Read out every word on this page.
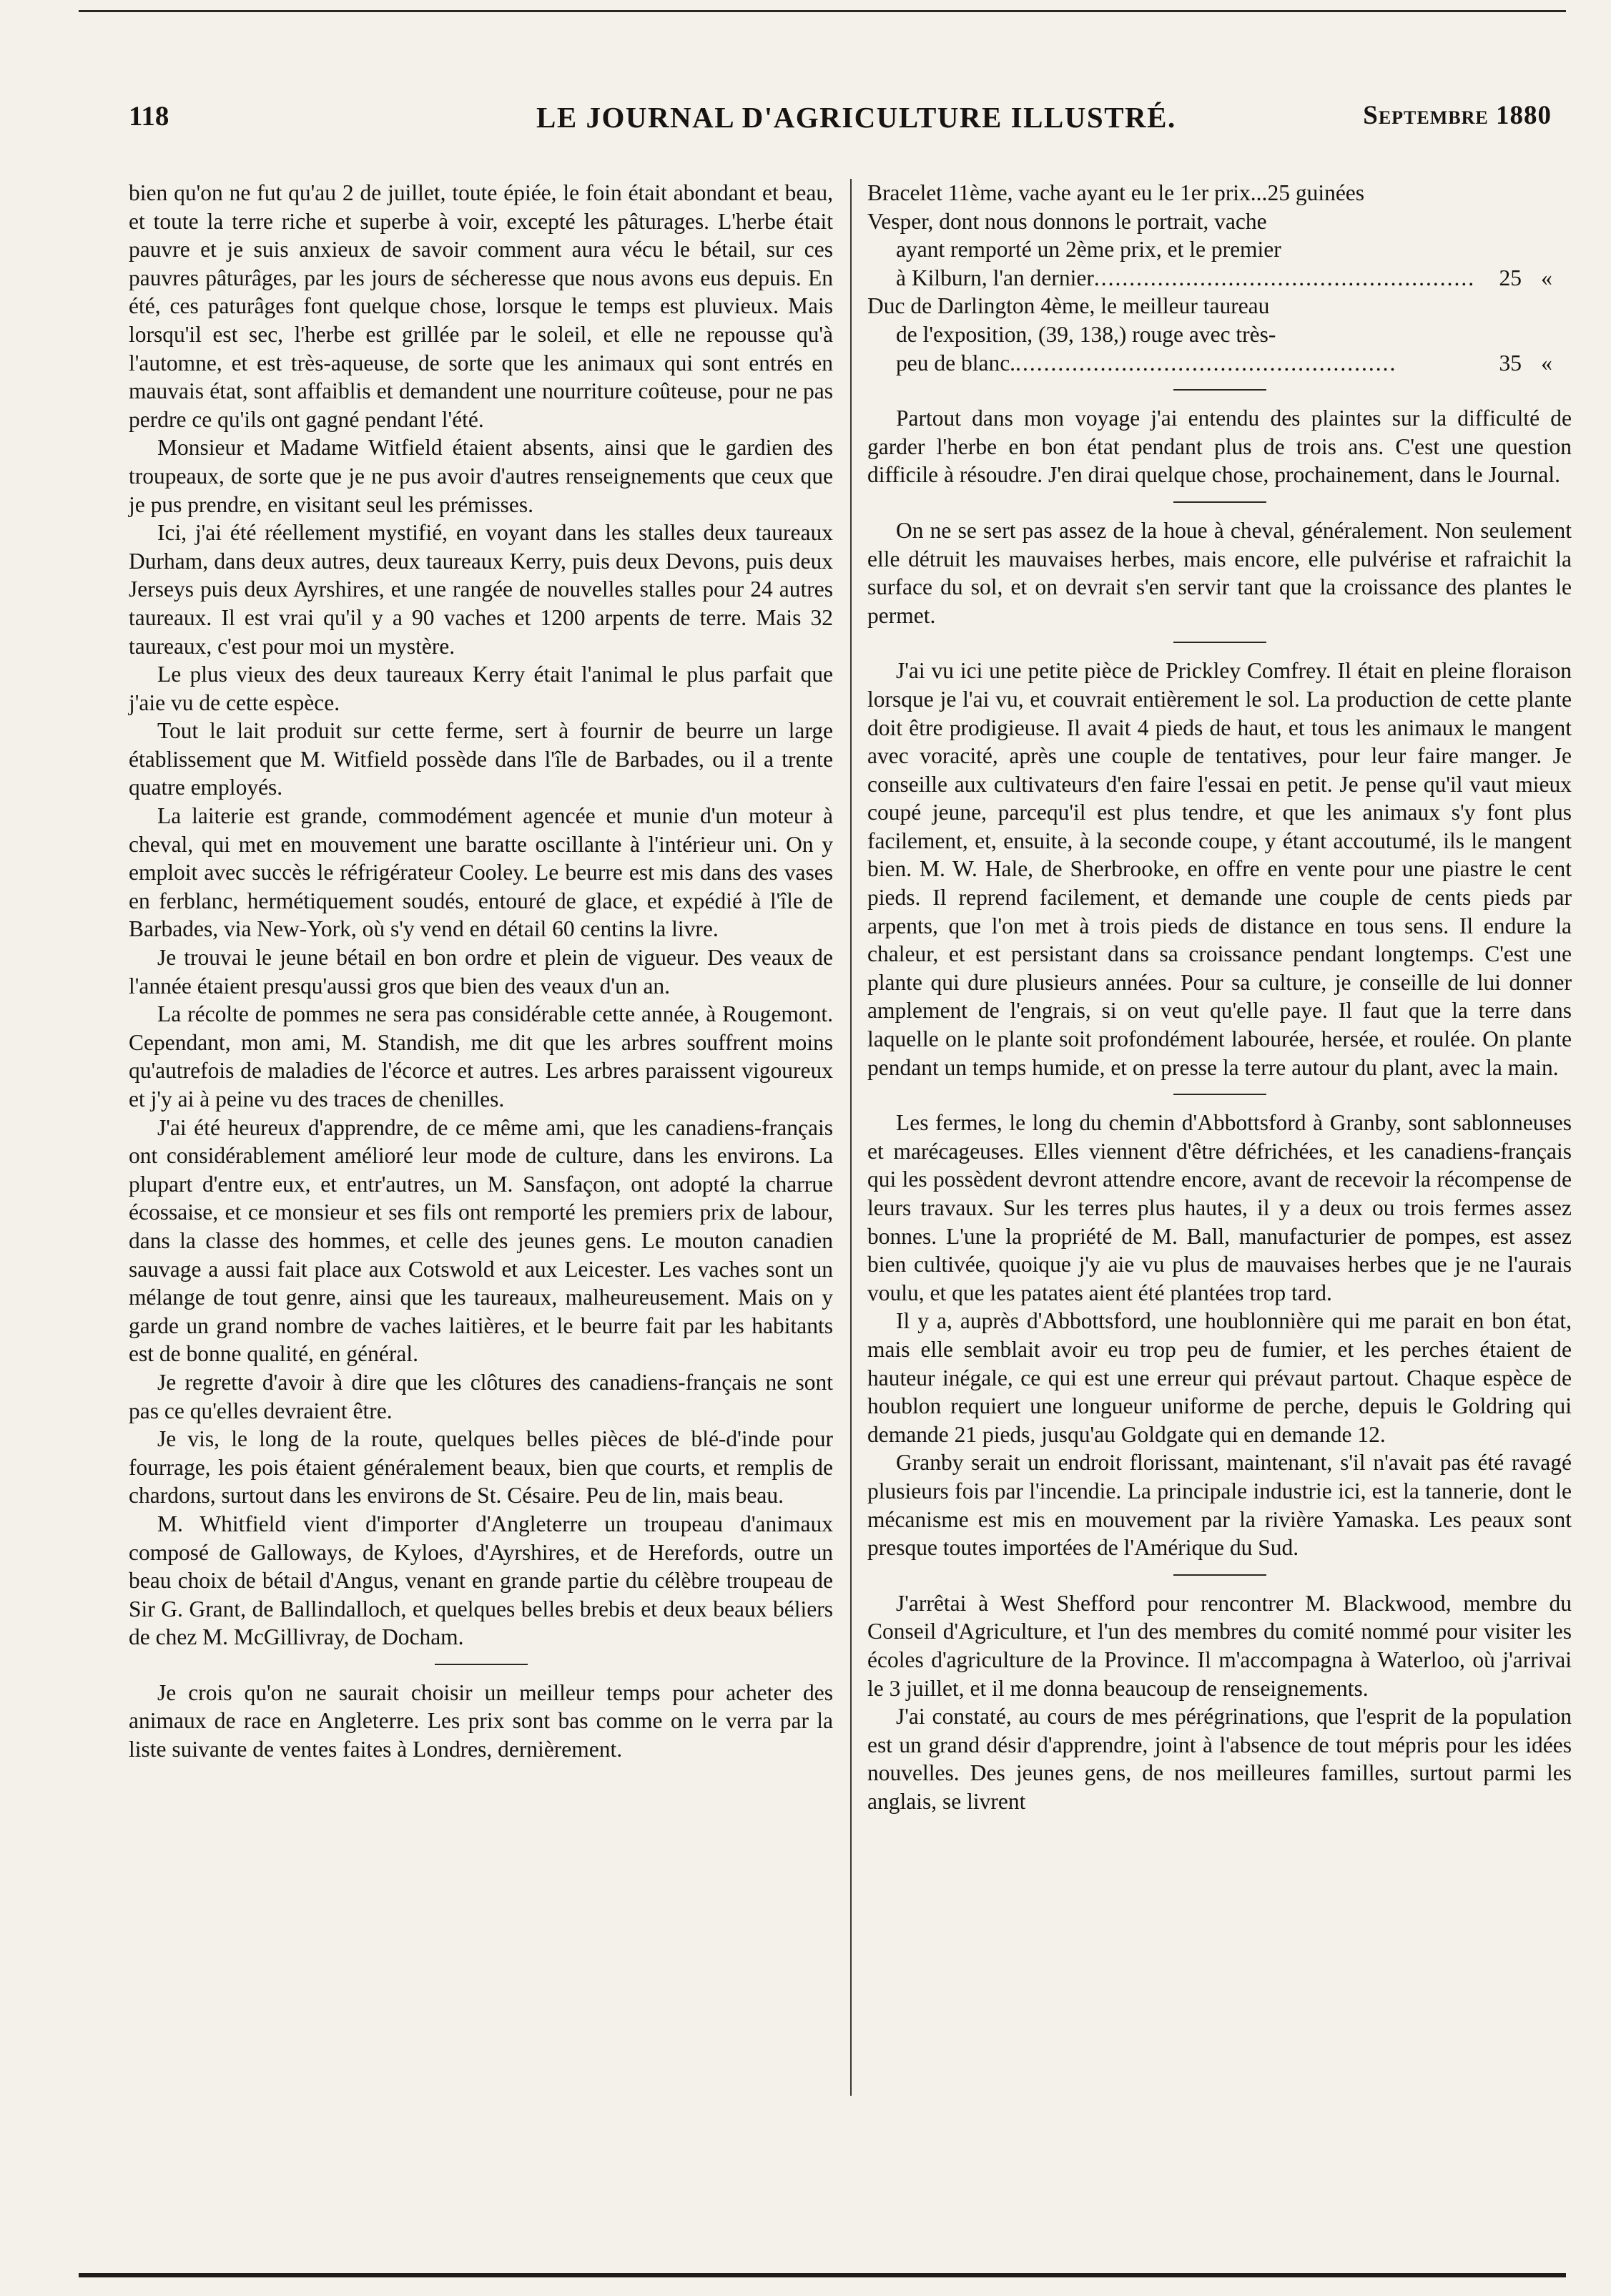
118	LE JOURNAL D'AGRICULTURE ILLUSTRÉ.	Septembre 1880

bien qu'on ne fut qu'au 2 de juillet, toute épiée, le foin était abondant et beau, et toute la terre riche et superbe à voir, excepté les pâturages. L'herbe était pauvre et je suis anxieux de savoir comment aura vécu le bétail, sur ces pauvres pâturâges, par les jours de sécheresse que nous avons eus depuis. En été, ces paturâges font quelque chose, lorsque le temps est pluvieux. Mais lorsqu'il est sec, l'herbe est grillée par le soleil, et elle ne repousse qu'à l'automne, et est très-aqueuse, de sorte que les animaux qui sont entrés en mauvais état, sont affaiblis et demandent une nourriture coûteuse, pour ne pas perdre ce qu'ils ont gagné pendant l'été.

Monsieur et Madame Witfield étaient absents, ainsi que le gardien des troupeaux, de sorte que je ne pus avoir d'autres renseignements que ceux que je pus prendre, en visitant seul les prémisses.

Ici, j'ai été réellement mystifié, en voyant dans les stalles deux taureaux Durham, dans deux autres, deux taureaux Kerry, puis deux Devons, puis deux Jerseys puis deux Ayrshires, et une rangée de nouvelles stalles pour 24 autres taureaux. Il est vrai qu'il y a 90 vaches et 1200 arpents de terre. Mais 32 taureaux, c'est pour moi un mystère.

Le plus vieux des deux taureaux Kerry était l'animal le plus parfait que j'aie vu de cette espèce.

Tout le lait produit sur cette ferme, sert à fournir de beurre un large établissement que M. Witfield possède dans l'île de Barbades, ou il a trente quatre employés.

La laiterie est grande, commodément agencée et munie d'un moteur à cheval, qui met en mouvement une baratte oscillante à l'intérieur uni. On y emploit avec succès le réfrigérateur Cooley. Le beurre est mis dans des vases en ferblanc, hermétiquement soudés, entouré de glace, et expédié à l'île de Barbades, via New-York, où s'y vend en détail 60 centins la livre.

Je trouvai le jeune bétail en bon ordre et plein de vigueur. Des veaux de l'année étaient presqu'aussi gros que bien des veaux d'un an.

La récolte de pommes ne sera pas considérable cette année, à Rougemont. Cependant, mon ami, M. Standish, me dit que les arbres souffrent moins qu'autrefois de maladies de l'écorce et autres. Les arbres paraissent vigoureux et j'y ai à peine vu des traces de chenilles.

J'ai été heureux d'apprendre, de ce même ami, que les canadiens-français ont considérablement amélioré leur mode de culture, dans les environs. La plupart d'entre eux, et entr'autres, un M. Sansfaçon, ont adopté la charrue écossaise, et ce monsieur et ses fils ont remporté les premiers prix de labour, dans la classe des hommes, et celle des jeunes gens. Le mouton canadien sauvage a aussi fait place aux Cotswold et aux Leicester. Les vaches sont un mélange de tout genre, ainsi que les taureaux, malheureusement. Mais on y garde un grand nombre de vaches laitières, et le beurre fait par les habitants est de bonne qualité, en général.

Je regrette d'avoir à dire que les clôtures des canadiens-français ne sont pas ce qu'elles devraient être.

Je vis, le long de la route, quelques belles pièces de blé-d'inde pour fourrage, les pois étaient généralement beaux, bien que courts, et remplis de chardons, surtout dans les environs de St. Césaire. Peu de lin, mais beau.

M. Whitfield vient d'importer d'Angleterre un troupeau d'animaux composé de Galloways, de Kyloes, d'Ayrshires, et de Herefords, outre un beau choix de bétail d'Angus, venant en grande partie du célèbre troupeau de Sir G. Grant, de Ballindalloch, et quelques belles brebis et deux beaux béliers de chez M. McGillivray, de Docham.

Je crois qu'on ne saurait choisir un meilleur temps pour acheter des animaux de race en Angleterre. Les prix sont bas comme on le verra par la liste suivante de ventes faites à Londres, dernièrement.

Bracelet 11ème, vache ayant eu le 1er prix... 25 guinées
Vesper, dont nous donnons le portrait, vache
ayant remporté un 2ème prix, et le premier
à Kilburn, l'an dernier ......................................................	25 «
Duc de Darlington 4ème, le meilleur taureau
de l'exposition, (39, 138,) rouge avec très-
peu de blanc. ......................................................	35 «

Partout dans mon voyage j'ai entendu des plaintes sur la difficulté de garder l'herbe en bon état pendant plus de trois ans. C'est une question difficile à résoudre. J'en dirai quelque chose, prochainement, dans le Journal.

On ne se sert pas assez de la houe à cheval, généralement. Non seulement elle détruit les mauvaises herbes, mais encore, elle pulvérise et rafraichit la surface du sol, et on devrait s'en servir tant que la croissance des plantes le permet.

J'ai vu ici une petite pièce de Prickley Comfrey. Il était en pleine floraison lorsque je l'ai vu, et couvrait entièrement le sol. La production de cette plante doit être prodigieuse. Il avait 4 pieds de haut, et tous les animaux le mangent avec voracité, après une couple de tentatives, pour leur faire manger. Je conseille aux cultivateurs d'en faire l'essai en petit. Je pense qu'il vaut mieux coupé jeune, parcequ'il est plus tendre, et que les animaux s'y font plus facilement, et, ensuite, à la seconde coupe, y étant accoutumé, ils le mangent bien. M. W. Hale, de Sherbrooke, en offre en vente pour une piastre le cent pieds. Il reprend facilement, et demande une couple de cents pieds par arpents, que l'on met à trois pieds de distance en tous sens. Il endure la chaleur, et est persistant dans sa croissance pendant longtemps. C'est une plante qui dure plusieurs années. Pour sa culture, je conseille de lui donner amplement de l'engrais, si on veut qu'elle paye. Il faut que la terre dans laquelle on le plante soit profondément labourée, hersée, et roulée. On plante pendant un temps humide, et on presse la terre autour du plant, avec la main.

Les fermes, le long du chemin d'Abbottsford à Granby, sont sablonneuses et marécageuses. Elles viennent d'être défrichées, et les canadiens-français qui les possèdent devront attendre encore, avant de recevoir la récompense de leurs travaux. Sur les terres plus hautes, il y a deux ou trois fermes assez bonnes. L'une la propriété de M. Ball, manufacturier de pompes, est assez bien cultivée, quoique j'y aie vu plus de mauvaises herbes que je ne l'aurais voulu, et que les patates aient été plantées trop tard.

Il y a, auprès d'Abbottsford, une houblonnière qui me parait en bon état, mais elle semblait avoir eu trop peu de fumier, et les perches étaient de hauteur inégale, ce qui est une erreur qui prévaut partout. Chaque espèce de houblon requiert une longueur uniforme de perche, depuis le Goldring qui demande 21 pieds, jusqu'au Goldgate qui en demande 12.

Granby serait un endroit florissant, maintenant, s'il n'avait pas été ravagé plusieurs fois par l'incendie. La principale industrie ici, est la tannerie, dont le mécanisme est mis en mouvement par la rivière Yamaska. Les peaux sont presque toutes importées de l'Amérique du Sud.

J'arrêtai à West Shefford pour rencontrer M. Blackwood, membre du Conseil d'Agriculture, et l'un des membres du comité nommé pour visiter les écoles d'agriculture de la Province. Il m'accompagna à Waterloo, où j'arrivai le 3 juillet, et il me donna beaucoup de renseignements.

J'ai constaté, au cours de mes pérégrinations, que l'esprit de la population est un grand désir d'apprendre, joint à l'absence de tout mépris pour les idées nouvelles. Des jeunes gens, de nos meilleures familles, surtout parmi les anglais, se livrent
